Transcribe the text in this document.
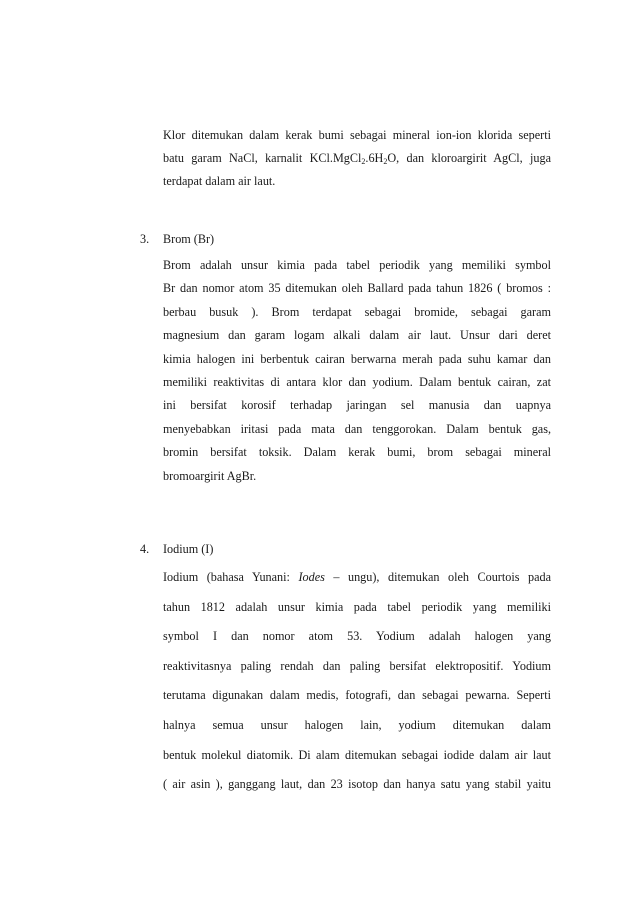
Klor ditemukan dalam kerak bumi sebagai mineral ion-ion klorida seperti
batu garam NaCl, karnalit $KCl.MgCl_2.6H_2O$, dan kloroargirit AgCl, juga
terdapat dalam air laut.
3. Brom (Br)
Brom adalah unsur kimia pada tabel periodik yang memiliki symbol
Br dan nomor atom 35 ditemukan oleh Ballard pada tahun 1826 ( bromos :
berbau busuk ). Brom terdapat sebagai bromide, sebagai garam
magnesium dan garam logam alkali dalam air laut. Unsur dari deret
kimia halogen ini berbentuk cairan berwarna merah pada suhu kamar dan
memiliki reaktivitas di antara klor dan yodium. Dalam bentuk cairan, zat
ini bersifat korosif terhadap jaringan sel manusia dan uapnya
menyebabkan iritasi pada mata dan tenggorokan. Dalam bentuk gas,
bromin bersifat toksik. Dalam kerak bumi, brom sebagai mineral
bromoargirit AgBr.
4. Iodium (I)
Iodium (bahasa Yunani: Iodes – ungu), ditemukan oleh Courtois pada
tahun 1812 adalah unsur kimia pada tabel periodik yang memiliki
symbol I dan nomor atom 53. Yodium adalah halogen yang
reaktivitasnya paling rendah dan paling bersifat elektropositif. Yodium
terutama digunakan dalam medis, fotografi, dan sebagai pewarna. Seperti
halnya semua unsur halogen lain, yodium ditemukan dalam
bentuk molekul diatomik. Di alam ditemukan sebagai iodide dalam air laut
( air asin ), ganggang laut, dan 23 isotop dan hanya satu yang stabil yaitu
